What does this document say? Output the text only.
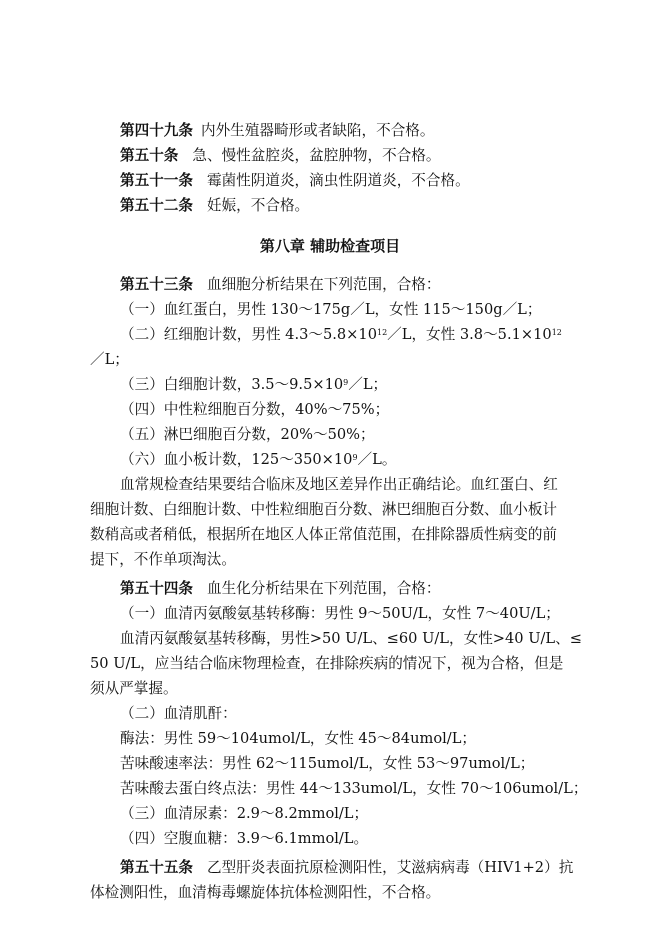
第四十九条 内外生殖器畸形或者缺陷，不合格。
第五十条 急、慢性盆腔炎，盆腔肿物，不合格。
第五十一条 霉菌性阴道炎，滴虫性阴道炎，不合格。
第五十二条 妊娠，不合格。
第八章 辅助检查项目
第五十三条 血细胞分析结果在下列范围，合格：
（一）血红蛋白，男性 130～175g／L，女性 115～150g／L；
（二）红细胞计数，男性 $4.3\sim 5.8\times 10^{12}/L$，女性 $3.8\sim 5.1\times 10^{12}$
／L；
（三）白细胞计数，$3.5\sim 9.5\times 10^9/L$；
（四）中性粒细胞百分数，40%～75%；
（五）淋巴细胞百分数，20%～50%；
（六）血小板计数，$125\sim 350\times 10^9/L$。
血常规检查结果要结合临床及地区差异作出正确结论。血红蛋白、红
细胞计数、白细胞计数、中性粒细胞百分数、淋巴细胞百分数、血小板计
数稍高或者稍低，根据所在地区人体正常值范围，在排除器质性病变的前
提下，不作单项淘汰。
第五十四条 血生化分析结果在下列范围，合格：
（一）血清丙氨酸氨基转移酶：男性 9～50U/L，女性 7～40U/L；
血清丙氨酸氨基转移酶，男性>50 U/L、≤60 U/L，女性>40 U/L、≤
50 U/L，应当结合临床物理检查，在排除疾病的情况下，视为合格，但是
须从严掌握。
（二）血清肌酐：
酶法：男性 59～104umol/L，女性 45～84umol/L；
苦味酸速率法：男性 62～115umol/L，女性 53～97umol/L；
苦味酸去蛋白终点法：男性 44～133umol/L，女性 70～106umol/L；
（三）血清尿素：2.9～8.2mmol/L；
（四）空腹血糖：3.9～6.1mmol/L。
第五十五条 乙型肝炎表面抗原检测阳性，艾滋病病毒（HIV1+2）抗
体检测阳性，血清梅毒螺旋体抗体检测阳性，不合格。
